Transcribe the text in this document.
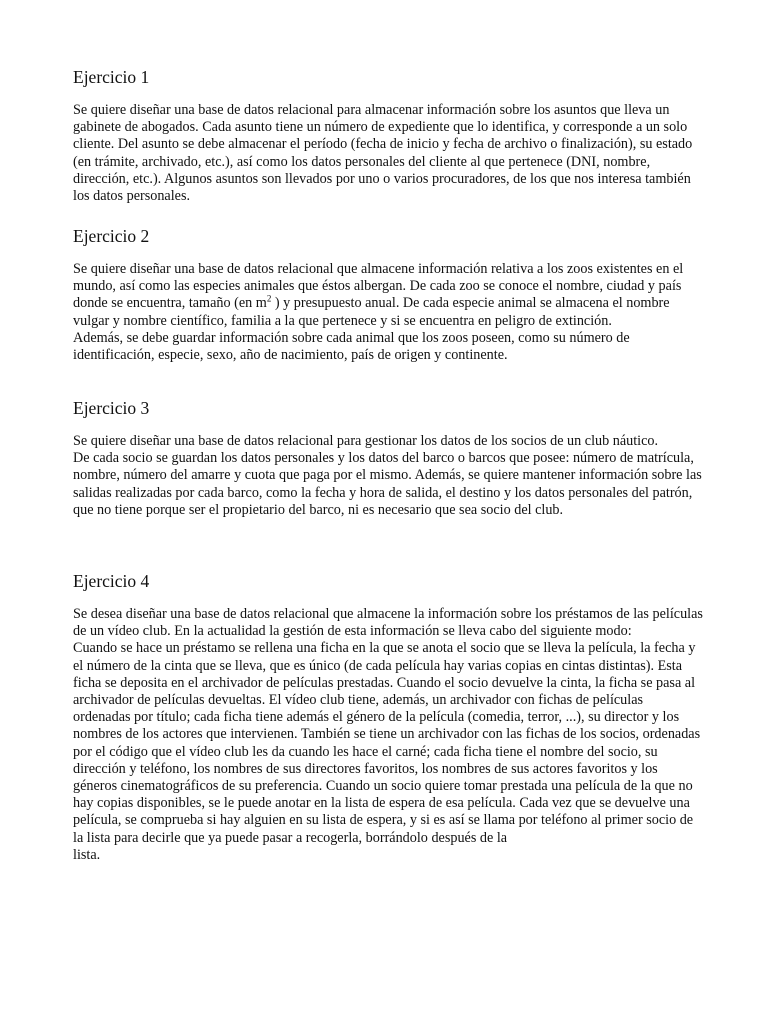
Ejercicio 1

Se quiere diseñar una base de datos relacional para almacenar información sobre los asuntos que lleva un gabinete de abogados. Cada asunto tiene un número de expediente que lo identifica, y corresponde a un solo cliente. Del asunto se debe almacenar el período (fecha de inicio y fecha de archivo o finalización), su estado (en trámite, archivado, etc.), así como los datos personales del cliente al que pertenece (DNI, nombre, dirección, etc.). Algunos asuntos son llevados por uno o varios procuradores, de los que nos interesa también los datos personales.

Ejercicio 2

Se quiere diseñar una base de datos relacional que almacene información relativa a los zoos existentes en el mundo, así como las especies animales que éstos albergan. De cada zoo se conoce el nombre, ciudad y país donde se encuentra, tamaño (en $m^2$ ) y presupuesto anual. De cada especie animal se almacena el nombre vulgar y nombre científico, familia a la que pertenece y si se encuentra en peligro de extinción.

Además, se debe guardar información sobre cada animal que los zoos poseen, como su número de identificación, especie, sexo, año de nacimiento, país de origen y continente.

Ejercicio 3

Se quiere diseñar una base de datos relacional para gestionar los datos de los socios de un club náutico.

De cada socio se guardan los datos personales y los datos del barco o barcos que posee: número de matrícula, nombre, número del amarre y cuota que paga por el mismo. Además, se quiere mantener información sobre las salidas realizadas por cada barco, como la fecha y hora de salida, el destino y los datos personales del patrón, que no tiene porque ser el propietario del barco, ni es necesario que sea socio del club.

Ejercicio 4

Se desea diseñar una base de datos relacional que almacene la información sobre los préstamos de las películas de un vídeo club. En la actualidad la gestión de esta información se lleva cabo del siguiente modo:

Cuando se hace un préstamo se rellena una ficha en la que se anota el socio que se lleva la película, la fecha y el número de la cinta que se lleva, que es único (de cada película hay varias copias en cintas distintas). Esta ficha se deposita en el archivador de películas prestadas. Cuando el socio devuelve la cinta, la ficha se pasa al archivador de películas devueltas. El vídeo club tiene, además, un archivador con fichas de películas ordenadas por título; cada ficha tiene además el género de la película (comedia, terror, ...), su director y los nombres de los actores que intervienen. También se tiene un archivador con las fichas de los socios, ordenadas por el código que el vídeo club les da cuando les hace el carné; cada ficha tiene el nombre del socio, su dirección y teléfono, los nombres de sus directores favoritos, los nombres de sus actores favoritos y los géneros cinematográficos de su preferencia. Cuando un socio quiere tomar prestada una película de la que no hay copias disponibles, se le puede anotar en la lista de espera de esa película. Cada vez que se devuelve una película, se comprueba si hay alguien en su lista de espera, y si es así se llama por teléfono al primer socio de la lista para decirle que ya puede pasar a recogerla, borrándolo después de la

lista.
